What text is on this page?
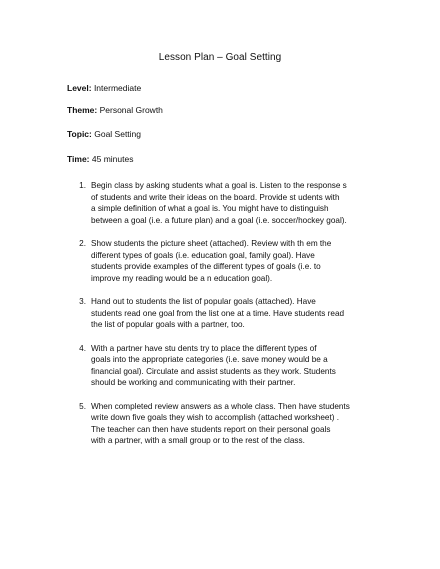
Lesson Plan – Goal Setting
Level: Intermediate
Theme: Personal Growth
Topic: Goal Setting
Time: 45 minutes
1. Begin class by asking students what a goal is. Listen to the response s
of students and write their ideas on the board. Provide st udents with
a simple definition of what a goal is. You might have to distinguish
between a goal (i.e. a future plan) and a goal (i.e. soccer/hockey goal).
2. Show students the picture sheet (attached). Review with th em the
different types of goals (i.e. education goal, family goal). Have
students provide examples of the different types of goals (i.e. to
improve my reading would be a n education goal).
3. Hand out to students the list of popular goals (attached). Have
students read one goal from the list one at a time. Have students read
the list of popular goals with a partner, too.
4. With a partner have stu dents try to place the different types of
goals into the appropriate categories (i.e. save money would be a
financial goal). Circulate and assist students as they work. Students
should be working and communicating with their partner.
5. When completed review answers as a whole class. Then have students
write down five goals they wish to accomplish (attached worksheet) .
The teacher can then have students report on their personal goals
with a partner, with a small group or to the rest of the class.
